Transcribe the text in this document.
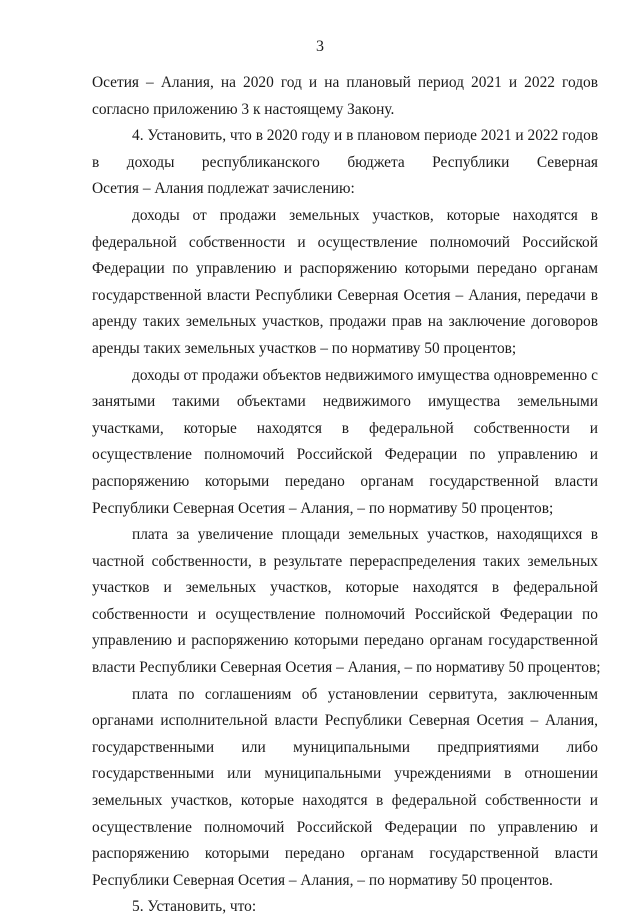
3
Осетия – Алания, на 2020 год и на плановый период 2021 и 2022 годов
согласно приложению 3 к настоящему Закону.
4. Установить, что в 2020 году и в плановом периоде 2021 и 2022 годов
в доходы республиканского бюджета Республики Северная
Осетия – Алания подлежат зачислению:
доходы от продажи земельных участков, которые находятся в
федеральной собственности и осуществление полномочий Российской
Федерации по управлению и распоряжению которыми передано органам
государственной власти Республики Северная Осетия – Алания, передачи в
аренду таких земельных участков, продажи прав на заключение договоров
аренды таких земельных участков – по нормативу 50 процентов;
доходы от продажи объектов недвижимого имущества одновременно с
занятыми такими объектами недвижимого имущества земельными
участками, которые находятся в федеральной собственности и
осуществление полномочий Российской Федерации по управлению и
распоряжению которыми передано органам государственной власти
Республики Северная Осетия – Алания, – по нормативу 50 процентов;
плата за увеличение площади земельных участков, находящихся в
частной собственности, в результате перераспределения таких земельных
участков и земельных участков, которые находятся в федеральной
собственности и осуществление полномочий Российской Федерации по
управлению и распоряжению которыми передано органам государственной
власти Республики Северная Осетия – Алания, – по нормативу 50 процентов;
плата по соглашениям об установлении сервитута, заключенным
органами исполнительной власти Республики Северная Осетия – Алания,
государственными или муниципальными предприятиями либо
государственными или муниципальными учреждениями в отношении
земельных участков, которые находятся в федеральной собственности и
осуществление полномочий Российской Федерации по управлению и
распоряжению которыми передано органам государственной власти
Республики Северная Осетия – Алания, – по нормативу 50 процентов.
5. Установить, что:
